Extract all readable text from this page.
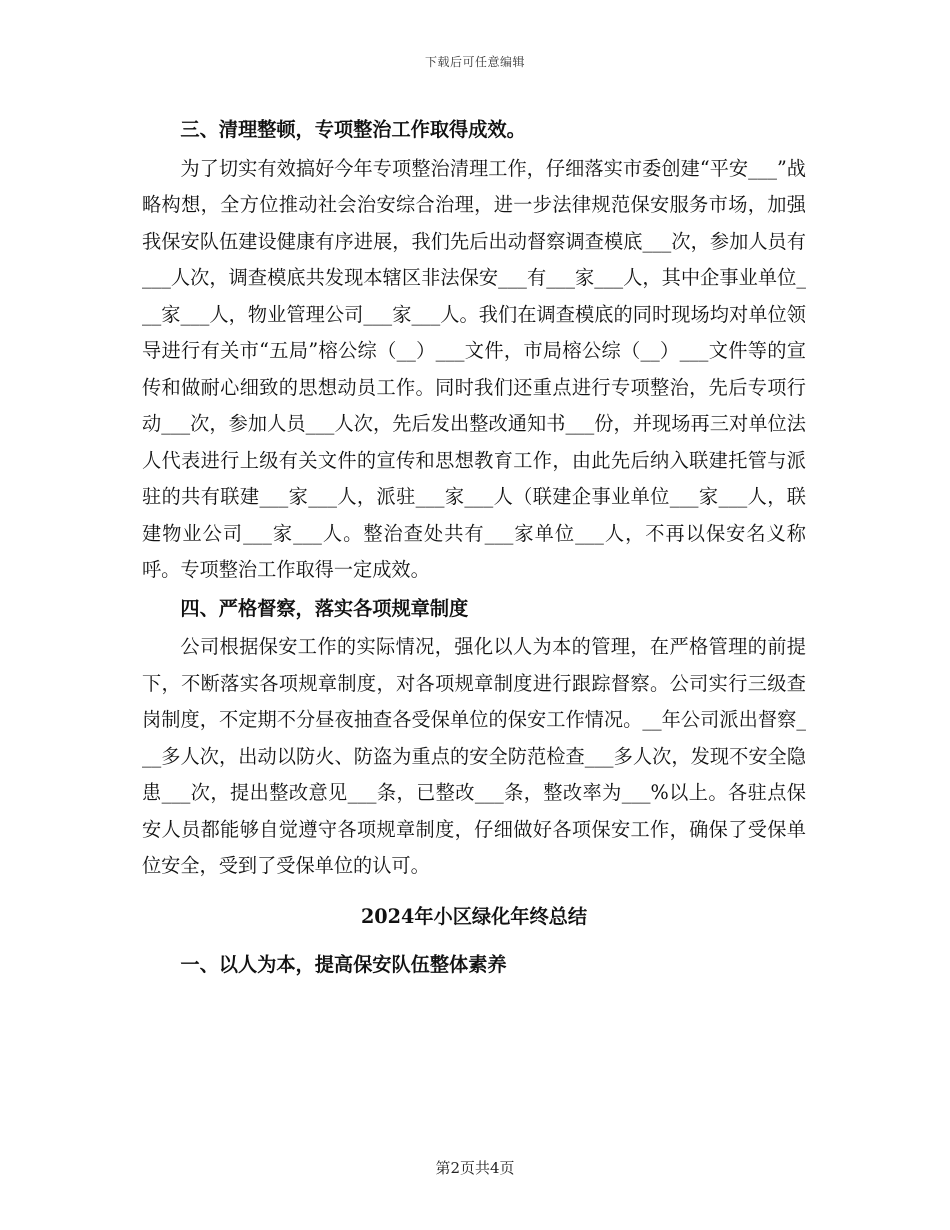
下载后可任意编辑

三、清理整顿，专项整治工作取得成效。

为了切实有效搞好今年专项整治清理工作，仔细落实市委创建“平安___”战略构想，全方位推动社会治安综合治理，进一步法律规范保安服务市场，加强我保安队伍建设健康有序进展，我们先后出动督察调查模底___次，参加人员有___人次，调查模底共发现本辖区非法保安___有___家___人，其中企事业单位___家___人，物业管理公司___家___人。我们在调查模底的同时现场均对单位领导进行有关市“五局”榕公综（__）___文件，市局榕公综（__）___文件等的宣传和做耐心细致的思想动员工作。同时我们还重点进行专项整治，先后专项行动___次，参加人员___人次，先后发出整改通知书___份，并现场再三对单位法人代表进行上级有关文件的宣传和思想教育工作，由此先后纳入联建托管与派驻的共有联建___家___人，派驻___家___人（联建企事业单位___家___人，联建物业公司___家___人。整治查处共有___家单位___人，不再以保安名义称呼。专项整治工作取得一定成效。

四、严格督察，落实各项规章制度

公司根据保安工作的实际情况，强化以人为本的管理，在严格管理的前提下，不断落实各项规章制度，对各项规章制度进行跟踪督察。公司实行三级查岗制度，不定期不分昼夜抽查各受保单位的保安工作情况。__年公司派出督察___多人次，出动以防火、防盗为重点的安全防范检查___多人次，发现不安全隐患___次，提出整改意见___条，已整改___条，整改率为___%以上。各驻点保安人员都能够自觉遵守各项规章制度，仔细做好各项保安工作，确保了受保单位安全，受到了受保单位的认可。

2024年小区绿化年终总结

一、以人为本，提高保安队伍整体素养

第2页共4页
